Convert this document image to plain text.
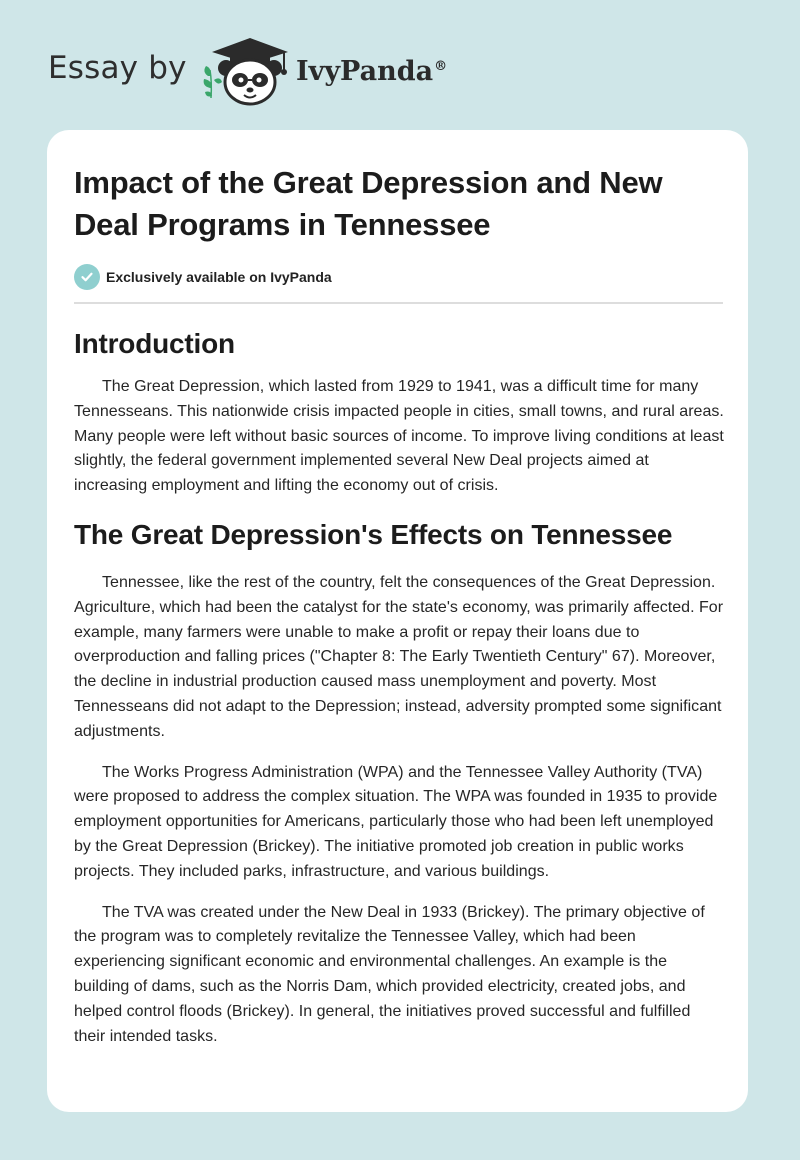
Essay by	IvyPanda®
Impact of the Great Depression and New Deal Programs in Tennessee
Exclusively available on IvyPanda
Introduction

The Great Depression, which lasted from 1929 to 1941, was a difficult time for many Tennesseans. This nationwide crisis impacted people in cities, small towns, and rural areas. Many people were left without basic sources of income. To improve living conditions at least slightly, the federal government implemented several New Deal projects aimed at increasing employment and lifting the economy out of crisis.

The Great Depression's Effects on Tennessee

Tennessee, like the rest of the country, felt the consequences of the Great Depression. Agriculture, which had been the catalyst for the state's economy, was primarily affected. For example, many farmers were unable to make a profit or repay their loans due to overproduction and falling prices ("Chapter 8: The Early Twentieth Century" 67). Moreover, the decline in industrial production caused mass unemployment and poverty. Most Tennesseans did not adapt to the Depression; instead, adversity prompted some significant adjustments.

The Works Progress Administration (WPA) and the Tennessee Valley Authority (TVA) were proposed to address the complex situation. The WPA was founded in 1935 to provide employment opportunities for Americans, particularly those who had been left unemployed by the Great Depression (Brickey). The initiative promoted job creation in public works projects. They included parks, infrastructure, and various buildings.

The TVA was created under the New Deal in 1933 (Brickey). The primary objective of the program was to completely revitalize the Tennessee Valley, which had been experiencing significant economic and environmental challenges. An example is the building of dams, such as the Norris Dam, which provided electricity, created jobs, and helped control floods (Brickey). In general, the initiatives proved successful and fulfilled their intended tasks.
